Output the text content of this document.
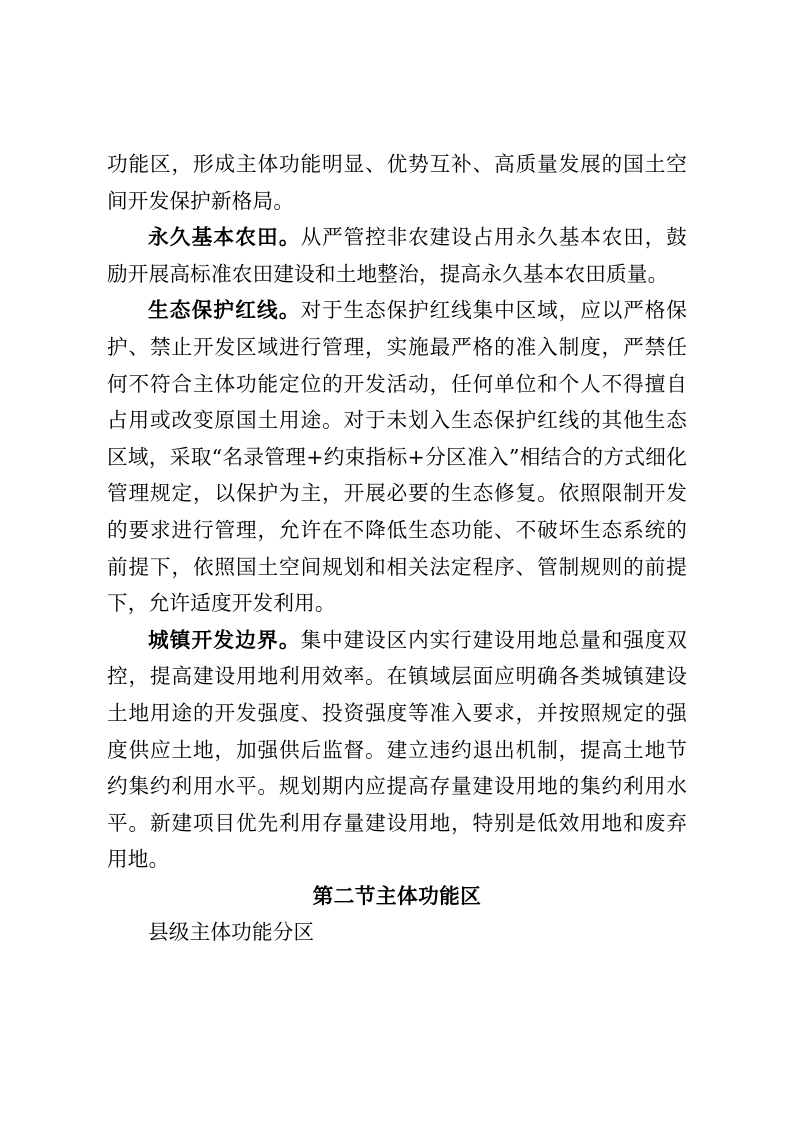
功能区，形成主体功能明显、优势互补、高质量发展的国土空间开发保护新格局。

永久基本农田。从严管控非农建设占用永久基本农田，鼓励开展高标准农田建设和土地整治，提高永久基本农田质量。

生态保护红线。对于生态保护红线集中区域，应以严格保护、禁止开发区域进行管理，实施最严格的准入制度，严禁任何不符合主体功能定位的开发活动，任何单位和个人不得擅自占用或改变原国土用途。对于未划入生态保护红线的其他生态区域，采取“名录管理+约束指标+分区准入”相结合的方式细化管理规定，以保护为主，开展必要的生态修复。依照限制开发的要求进行管理，允许在不降低生态功能、不破坏生态系统的前提下，依照国土空间规划和相关法定程序、管制规则的前提下，允许适度开发利用。

城镇开发边界。集中建设区内实行建设用地总量和强度双控，提高建设用地利用效率。在镇域层面应明确各类城镇建设土地用途的开发强度、投资强度等准入要求，并按照规定的强度供应土地，加强供后监督。建立违约退出机制，提高土地节约集约利用水平。规划期内应提高存量建设用地的集约利用水平。新建项目优先利用存量建设用地，特别是低效用地和废弃用地。

第二节主体功能区

县级主体功能分区
